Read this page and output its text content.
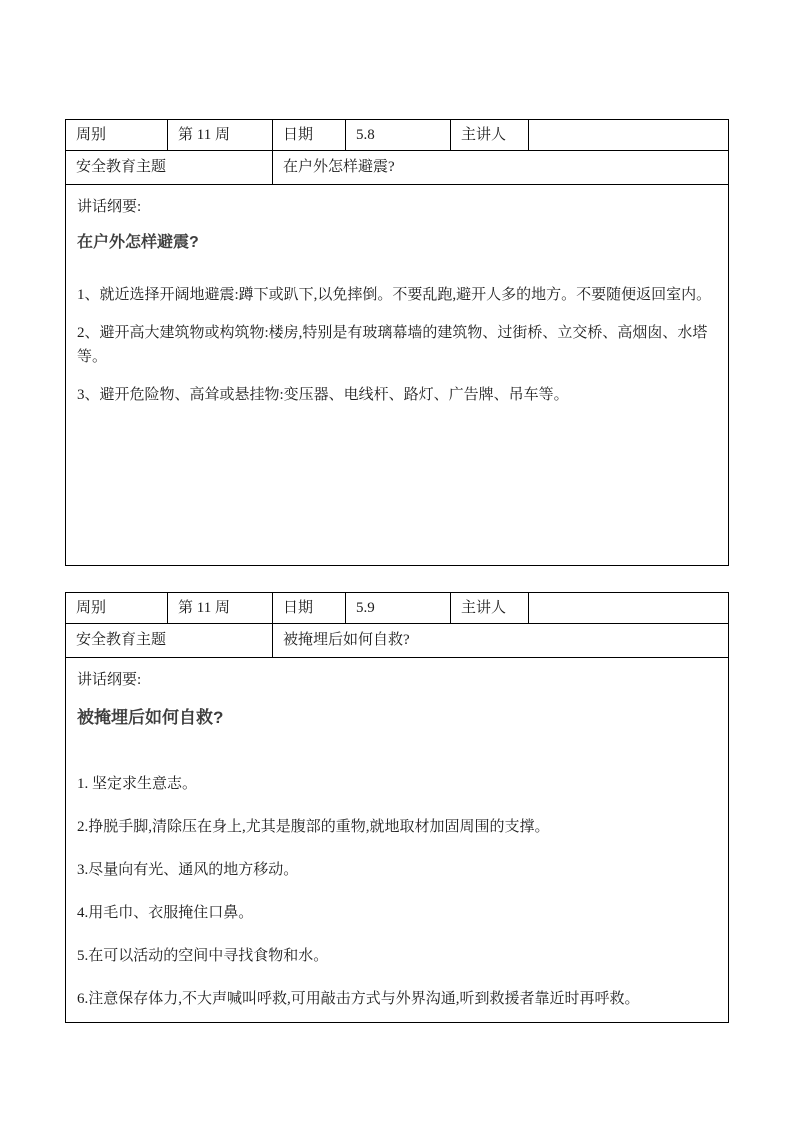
周别	第 11 周	日期	5.8	主讲人	
安全教育主题		在户外怎样避震?			

讲话纲要:
在户外怎样避震?

1、就近选择开阔地避震:蹲下或趴下,以免摔倒。不要乱跑,避开人多的地方。不要随便返回室内。

2、避开高大建筑物或构筑物:楼房,特别是有玻璃幕墙的建筑物、过街桥、立交桥、高烟囱、水塔等。

3、避开危险物、高耸或悬挂物:变压器、电线杆、路灯、广告牌、吊车等。					

周别	第 11 周	日期	5.9	主讲人	
安全教育主题		被掩埋后如何自救?			

讲话纲要:
被掩埋后如何自救?

1. 坚定求生意志。

2.挣脱手脚,清除压在身上,尤其是腹部的重物,就地取材加固周围的支撑。

3.尽量向有光、通风的地方移动。

4.用毛巾、衣服掩住口鼻。

5.在可以活动的空间中寻找食物和水。

6.注意保存体力,不大声喊叫呼救,可用敲击方式与外界沟通,听到救援者靠近时再呼救。
